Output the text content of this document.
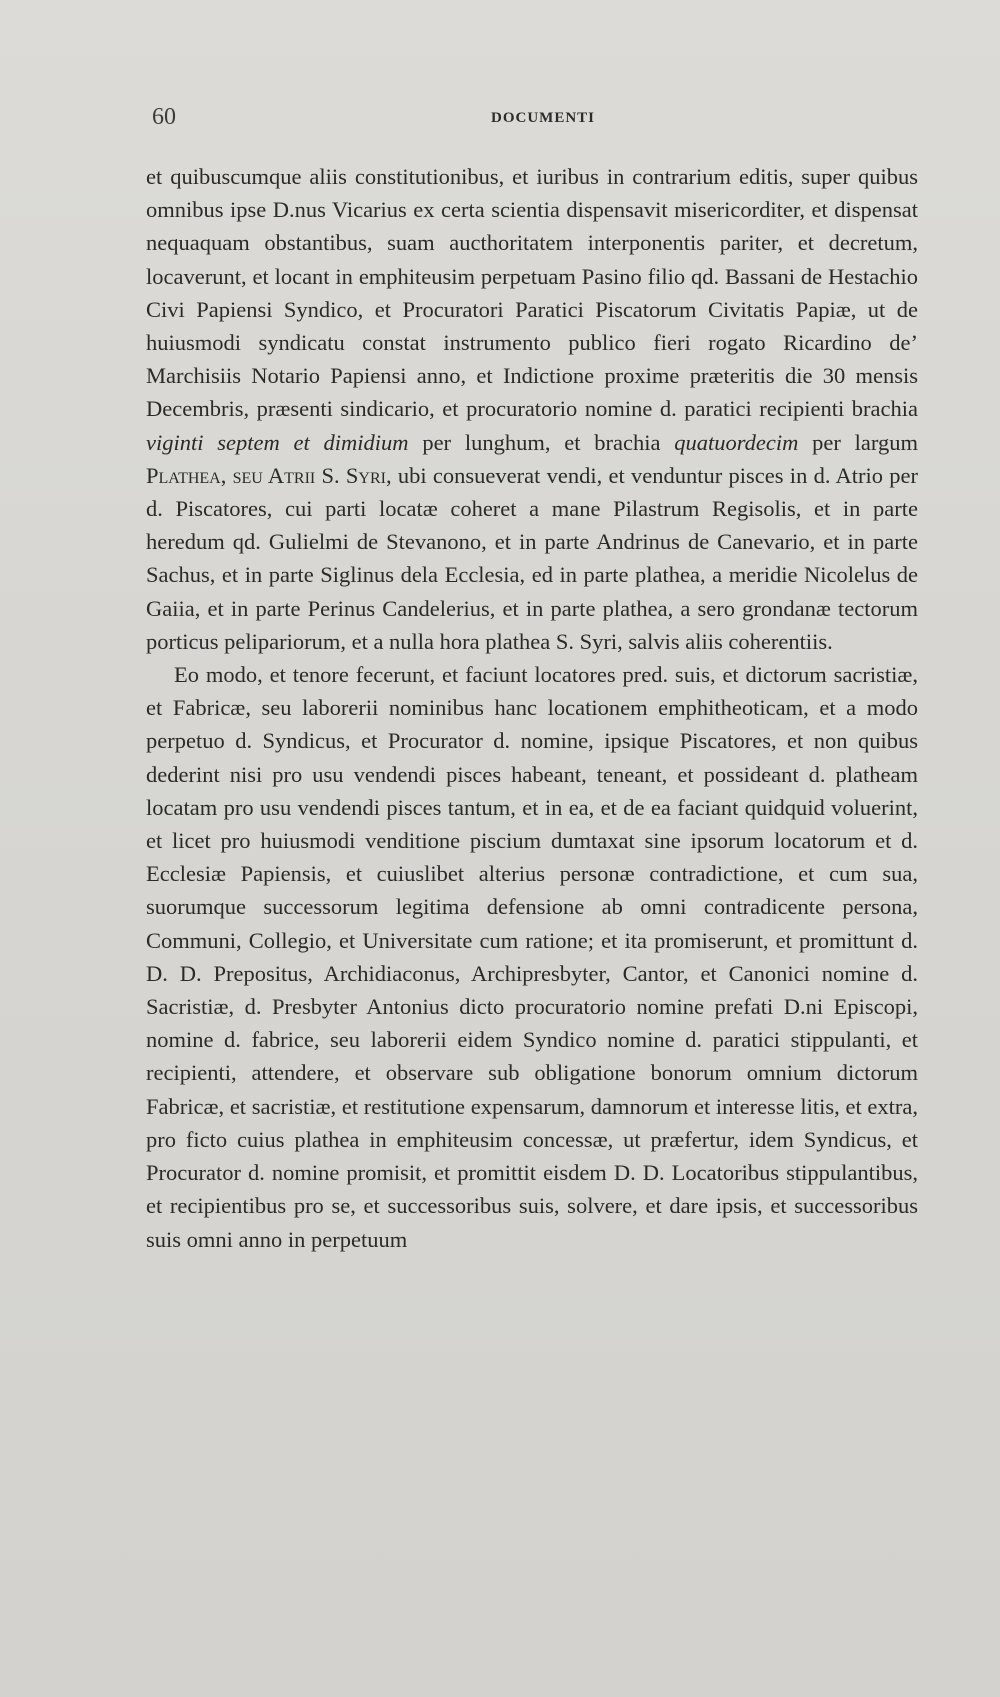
60	DOCUMENTI

et quibuscumque aliis constitutionibus, et iuribus in contrarium editis, super quibus omnibus ipse D.nus Vicarius ex certa scientia dispensavit misericorditer, et dispensat nequaquam obstantibus, suam aucthoritatem interponentis pariter, et decretum, locaverunt, et locant in emphiteusim perpetuam Pasino filio qd. Bassani de Hestachio Civi Papiensi Syndico, et Procuratori Paratici Piscatorum Civitatis Papiæ, ut de huiusmodi syndicatu constat instrumento publico fieri rogato Ricardino de’ Marchisiis Notario Papiensi anno, et Indictione proxime præteritis die 30 mensis Decembris, præsenti sindicario, et procuratorio nomine d. paratici recipienti brachia viginti septem et dimidium per lunghum, et brachia quatuordecim per largum Plathea, seu Atrii S. Syri, ubi consueverat vendi, et venduntur pisces in d. Atrio per d. Piscatores, cui parti locatæ coheret a mane Pilastrum Regisolis, et in parte heredum qd. Gulielmi de Stevanono, et in parte Andrinus de Canevario, et in parte Sachus, et in parte Siglinus dela Ecclesia, ed in parte plathea, a meridie Nicolelus de Gaiia, et in parte Perinus Candelerius, et in parte plathea, a sero grondanæ tectorum porticus pelipariorum, et a nulla hora plathea S. Syri, salvis aliis coherentiis.

Eo modo, et tenore fecerunt, et faciunt locatores pred. suis, et dictorum sacristiæ, et Fabricæ, seu laborerii nominibus hanc locationem emphitheoticam, et a modo perpetuo d. Syndicus, et Procurator d. nomine, ipsique Piscatores, et non quibus dederint nisi pro usu vendendi pisces habeant, teneant, et possideant d. platheam locatam pro usu vendendi pisces tantum, et in ea, et de ea faciant quidquid voluerint, et licet pro huiusmodi venditione piscium dumtaxat sine ipsorum locatorum et d. Ecclesiæ Papiensis, et cuiuslibet alterius personæ contradictione, et cum sua, suorumque successorum legitima defensione ab omni contradicente persona, Communi, Collegio, et Universitate cum ratione; et ita promiserunt, et promittunt d. D. D. Prepositus, Archidiaconus, Archipresbyter, Cantor, et Canonici nomine d. Sacristiæ, d. Presbyter Antonius dicto procuratorio nomine prefati D.ni Episcopi, nomine d. fabrice, seu laborerii eidem Syndico nomine d. paratici stippulanti, et recipienti, attendere, et observare sub obligatione bonorum omnium dictorum Fabricæ, et sacristiæ, et restitutione expensarum, damnorum et interesse litis, et extra, pro ficto cuius plathea in emphiteusim concessæ, ut præfertur, idem Syndicus, et Procurator d. nomine promisit, et promittit eisdem D. D. Locatoribus stippulantibus, et recipientibus pro se, et successoribus suis, solvere, et dare ipsis, et successoribus suis omni anno in perpetuum
